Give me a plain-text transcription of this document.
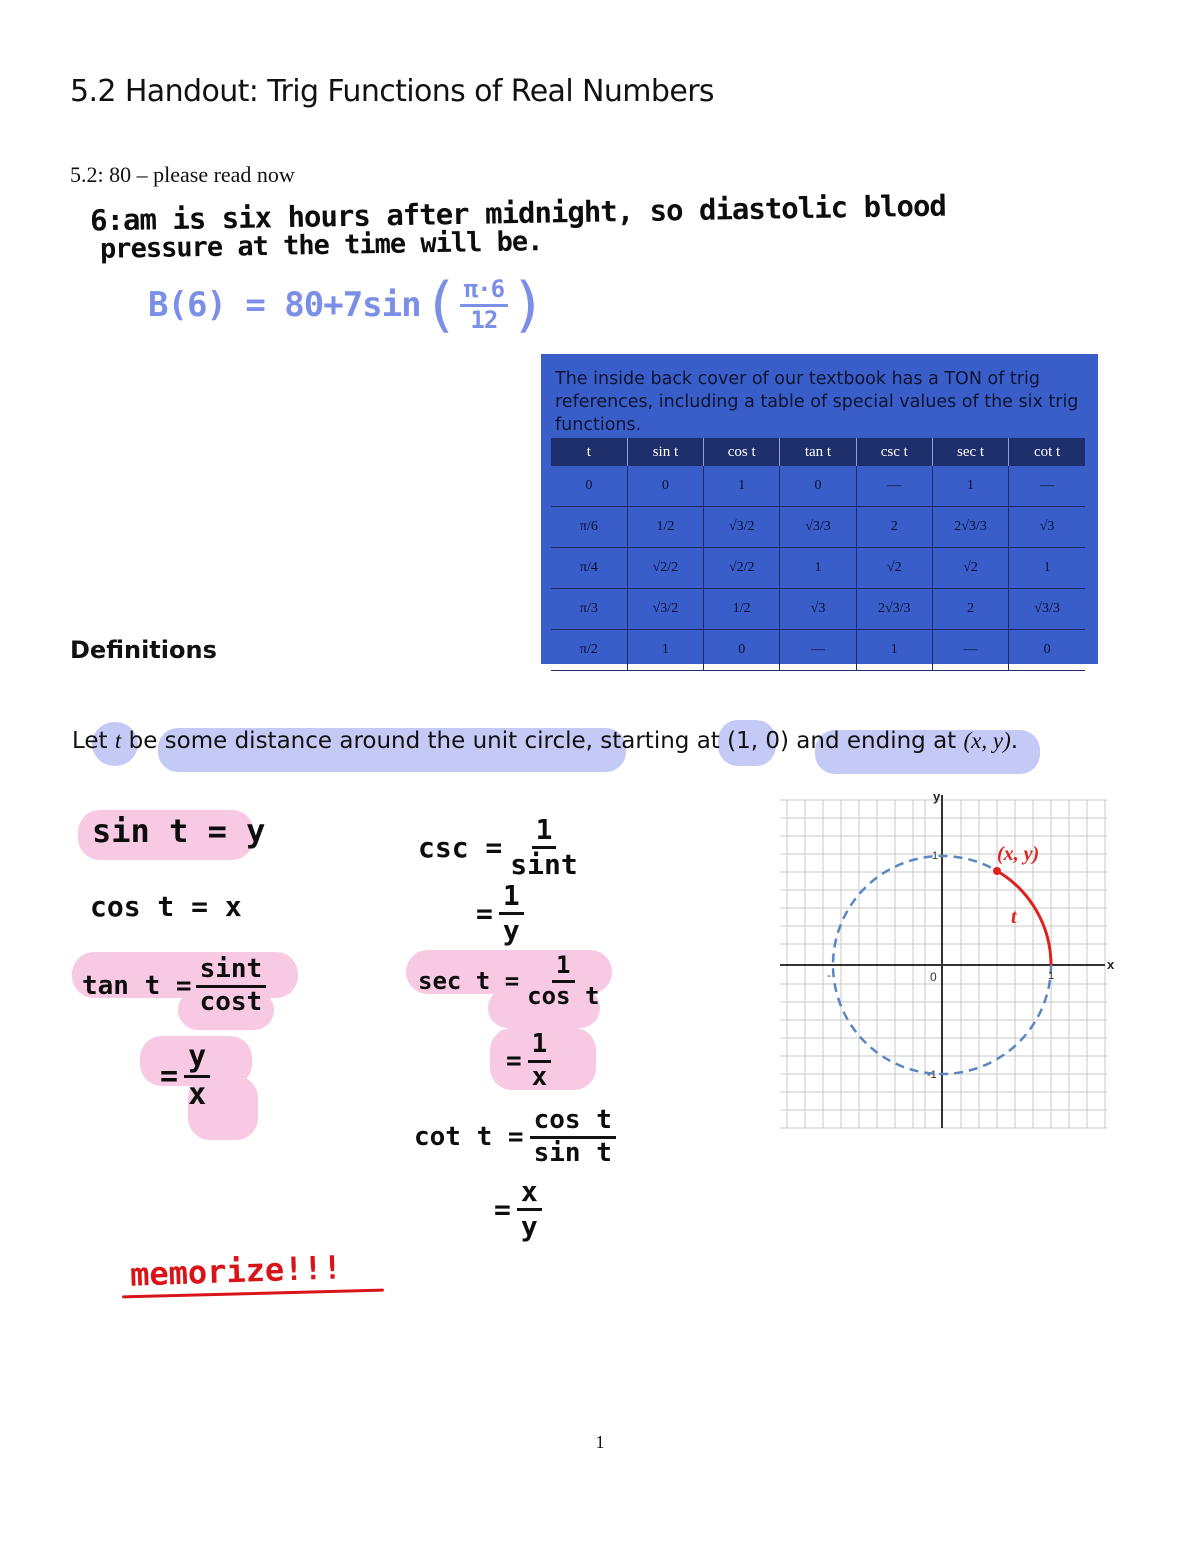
5.2 Handout: Trig Functions of Real Numbers
5.2: 80 – please read now
6:am is six hours after midnight, so diastolic blood
pressure at the time will be.
B(6) = 80+7sin ( $\frac{\pi\cdot 6}{12}$ )
The inside back cover of our textbook has a TON of trig references, including a table of special values of the six trig functions.
t	sin t	cos t	tan t	csc t	sec t	cot t
0	0	1	0	—	1	—
π/6	1/2	√3/2	√3/3	2	2√3/3	√3
π/4	√2/2	√2/2	1	√2	√2	1
π/3	√3/2	1/2	√3	2√3/3	2	√3/3
π/2	1	0	—	1	—	0
Definitions
Let t be some distance around the unit circle, starting at (1, 0) and ending at (x, y).
sin t = y
cos t = x
$\tan t = \frac{\sin t}{\cos t}$
= $\frac{y}{x}$
$\csc = \frac{1}{\sin t}$
= $\frac{1}{y}$
$\sec t = \frac{1}{\text{cos t}}$
= $\frac{1}{x}$
$\cot t = \frac{\text{cos t}}{\text{sin t}}$
= $\frac{x}{y}$
memorize!!!
x
y
0
1
1
-1
-
(x, y)
t
1
